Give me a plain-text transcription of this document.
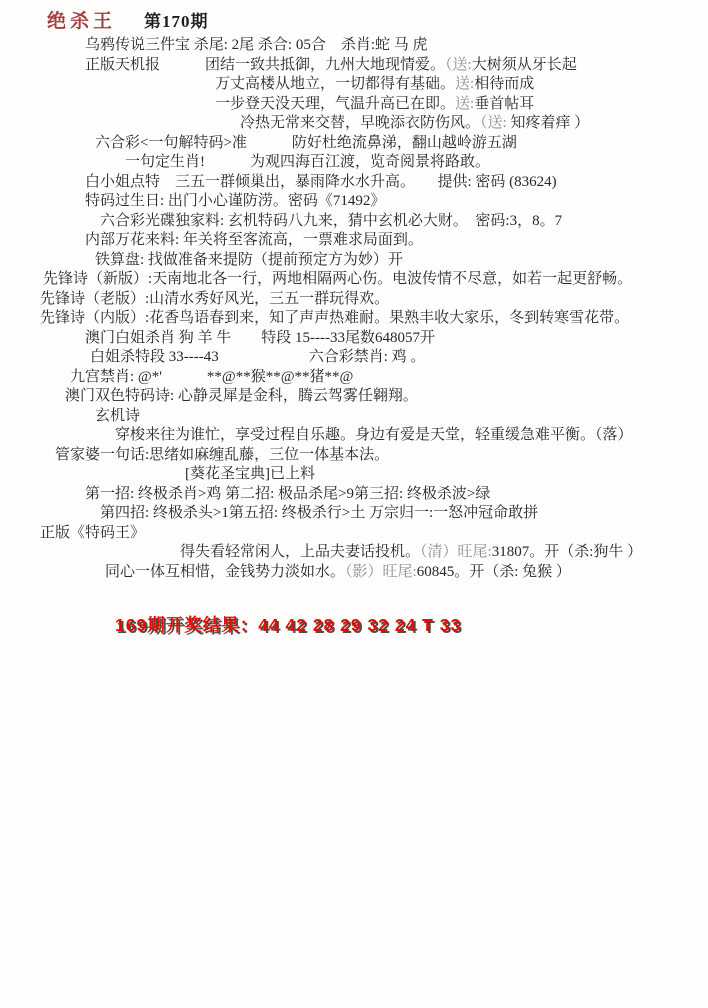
绝杀王 第170期
乌鸦传说三件宝 杀尾: 2尾 杀合: 05合　杀肖:蛇 马 虎
正版天机报　　　团结一致共抵御，九州大地现情爱。（送:大树须从牙长起
万丈高楼从地立，一切都得有基础。送:相待而成
一步登天没天理，气温升高已在即。送:垂首帖耳
冷热无常来交替，早晚添衣防伤风。（送: 知疼着痒 ）
六合彩<一句解特码>准　　　防好杜绝流鼻涕，翻山越岭游五湖
一句定生肖!　　　为观四海百江渡，览奇阅景将路敢。
白小姐点特　三五一群倾巢出，暴雨降水水升高。　　提供: 密码 (83624)
特码过生日: 出门小心谨防涝。密码《71492》
六合彩光碟独家料: 玄机特码八九来，猜中玄机必大财。　密码:3，8。7
内部万花来料: 年关将至客流高，一票难求局面到。
铁算盘: 找做准备来提防（提前预定方为妙）开
先锋诗（新版）:天南地北各一行，两地相隔两心伤。电波传情不尽意，如若一起更舒畅。
先锋诗（老版）:山清水秀好风光，三五一群玩得欢。
先锋诗（内版）:花香鸟语春到来，知了声声热难耐。果熟丰收大家乐，冬到转寒雪花带。
澳门白姐杀肖 狗 羊 牛　　特段 15----33尾数648057开
白姐杀特段 33----43　　　　　　六合彩禁肖: 鸡 。
九宫禁肖: @*'　　　**@**猴**@**猪**@
澳门双色特码诗: 心静灵犀是金科，腾云驾雾任翱翔。
玄机诗
穿梭来往为谁忙，享受过程自乐趣。身边有爱是天堂，轻重缓急难平衡。（落）
管家婆一句话:思绪如麻缠乱藤，三位一体基本法。
[葵花圣宝典]已上料
第一招: 终极杀肖>鸡 第二招: 极品杀尾>9第三招: 终极杀波>绿
第四招: 终极杀头>1第五招: 终极杀行>土 万宗归一:一怒冲冠命敢拼
正版《特码王》
得失看轻常闲人，上品夫妻话投机。（清）旺尾:31807。开（杀:狗牛 ）
同心一体互相惜，金钱势力淡如水。（影）旺尾:60845。开（杀: 兔猴 ）
169期开奖结果：44 42 28 29 32 24 T 33
